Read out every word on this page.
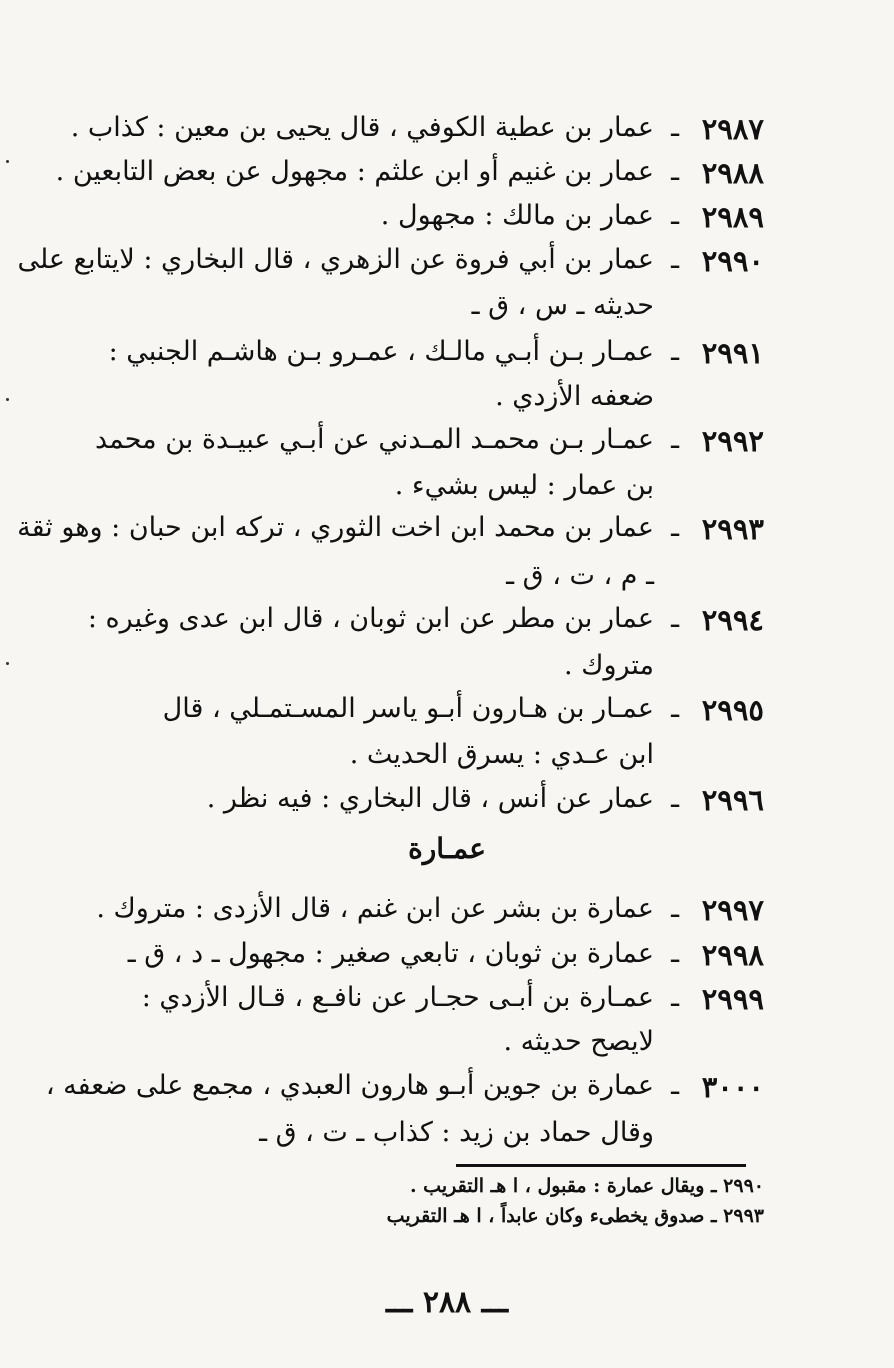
٢٩٨٧
ـ
عمار بن عطية الكوفي ، قال يحيى بن معين : كذاب .
٢٩٨٨
ـ
عمار بن غنيم أو ابن علثم : مجهول عن بعض التابعين .
٢٩٨٩
ـ
عمار بن مالك : مجهول .
٢٩٩٠
ـ
عمار بن أبي فروة عن الزهري ، قال البخاري : لايتابع على
حديثه ـ س ، ق ـ
٢٩٩١
ـ
عمـار بـن أبـي مالـك ، عمـرو بـن هاشـم الجنبي :
ضعفه الأزدي .
٢٩٩٢
ـ
عمـار بـن محمـد المـدني عن أبـي عبيـدة بن محمد
بن عمار : ليس بشيء .
٢٩٩٣
ـ
عمار بن محمد ابن اخت الثوري ، تركه ابن حبان : وهو ثقة
ـ م ، ت ، ق ـ
٢٩٩٤
ـ
عمار بن مطر عن ابن ثوبان ، قال ابن عدى وغيره :
متروك .
٢٩٩٥
ـ
عمـار بن هـارون أبـو ياسر المسـتمـلي ، قال
ابن عـدي : يسرق الحديث .
٢٩٩٦
ـ
عمار عن أنس ، قال البخاري : فيه نظر .
عمـارة
٢٩٩٧
ـ
عمارة بن بشر عن ابن غنم ، قال الأزدى : متروك .
٢٩٩٨
ـ
عمارة بن ثوبان ، تابعي صغير : مجهول ـ د ، ق ـ
٢٩٩٩
ـ
عمـارة بن أبـى حجـار عن نافـع ، قـال الأزدي :
لايصح حديثه .
٣٠٠٠
ـ
عمارة بن جوين أبـو هارون العبدي ، مجمع على ضعفه ،
وقال حماد بن زيد : كذاب ـ ت ، ق ـ
٢٩٩٠ ـ ويقال عمارة : مقبول ، ا هـ التقريب .
٢٩٩٣ ـ صدوق يخطىء وكان عابداً ، ا هـ التقريب
ـــ ٢٨٨ ـــ
